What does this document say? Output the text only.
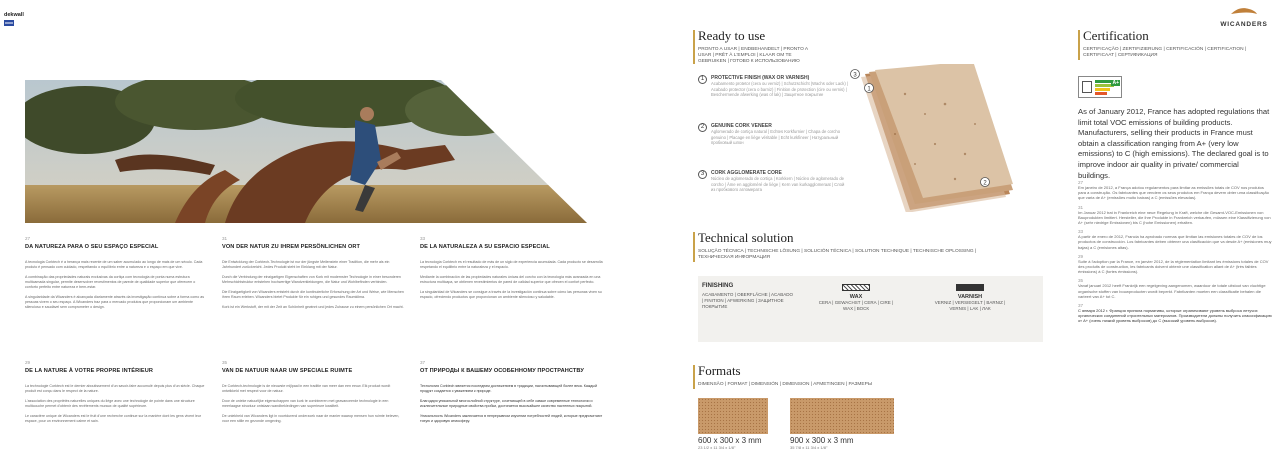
dekwall
27
DA NATUREZA PARA O SEU ESPAÇO ESPECIAL

A tecnologia Corktech é a herança mais recente de um saber acumulado ao longo de mais de um século. Cada produto é pensado com cuidado, respeitando o equilíbrio entre a natureza e o espaço em que vive.

A combinação das propriedades naturais exclusivas da cortiça com tecnologia de ponta numa estrutura multicamada singular, permite desenvolver revestimentos de parede de qualidade superior que oferecem o conforto perfeito entre natureza e bem-estar.

A singularidade da Wicanders é alcançada diariamente através da investigação contínua sobre a forma como as pessoas vivem o seu espaço. A Wicanders traz para o mercado produtos que proporcionam um ambiente silencioso e saudável sem comprometer o design.

31
VON DER NATUR ZU IHREM PERSÖNLICHEN ORT

Die Entwicklung der Corktech-Technologie ist nur der jüngste Meilenstein einer Tradition, die mehr als ein Jahrhundert zurückreicht. Jedes Produkt steht im Einklang mit der Natur.

Durch die Verbindung der einzigartigen Eigenschaften von Kork mit modernster Technologie in einer besonderen Mehrschichtstruktur entstehen hochwertige Wandverkleidungen, die Natur und Wohlbefinden verbinden.

Die Einzigartigkeit von Wicanders entsteht durch die kontinuierliche Erforschung der Art und Weise, wie Menschen ihren Raum erleben. Wicanders bietet Produkte für ein ruhiges und gesundes Raumklima.

Kork ist ein Werkstoff, der mit der Zeit an Schönheit gewinnt und jedes Zuhause zu einem persönlichen Ort macht.

33
DE LA NATURALEZA A SU ESPACIO ESPECIAL

La tecnología Corktech es el resultado de más de un siglo de experiencia acumulada. Cada producto se desarrolla respetando el equilibrio entre la naturaleza y el espacio.

Mediante la combinación de las propiedades naturales únicas del corcho con la tecnología más avanzada en una estructura multicapa, se obtienen revestimientos de pared de calidad superior que ofrecen el confort perfecto.

La singularidad de Wicanders se consigue a través de la investigación continua sobre cómo las personas viven su espacio, ofreciendo productos que proporcionan un ambiente silencioso y saludable.

29
DE LA NATURE À VOTRE PROPRE INTÉRIEUR

La technologie Corktech est le dernier aboutissement d'un savoir-faire accumulé depuis plus d'un siècle. Chaque produit est conçu dans le respect de la nature.

L'association des propriétés naturelles uniques du liège avec une technologie de pointe dans une structure multicouche permet d'obtenir des revêtements muraux de qualité supérieure.

Le caractère unique de Wicanders est le fruit d'une recherche continue sur la manière dont les gens vivent leur espace, pour un environnement calme et sain.

35
VAN DE NATUUR NAAR UW SPECIALE RUIMTE

De Corktech-technologie is de nieuwste mijlpaal in een traditie van meer dan een eeuw. Elk product wordt ontwikkeld met respect voor de natuur.

Door de unieke natuurlijke eigenschappen van kurk te combineren met geavanceerde technologie in een meerlaagse structuur ontstaan wandbekledingen van superieure kwaliteit.

De uniekheid van Wicanders ligt in voortdurend onderzoek naar de manier waarop mensen hun ruimte beleven, voor een stille en gezonde omgeving.

37
ОТ ПРИРОДЫ К ВАШЕМУ ОСОБЕННОМУ ПРОСТРАНСТВУ

Технология Corktech является последним достижением в традиции, насчитывающей более века. Каждый продукт создается с уважением к природе.

Благодаря уникальной многослойной структуре, сочетающей в себе самые современные технологии и исключительные природные свойства пробки, достигается высочайшее качество настенных покрытий.

Уникальность Wicanders заключается в непрерывном изучении потребностей людей, которые предпочитают тихую и здоровую атмосферу.

WICANDERS
Ready to use
PRONTO A USAR | ENDBEHANDELT | PRONTO A USAR | PRÊT À L'EMPLOI | KLAAR OM TE GEBRUIKEN | ГОТОВО К ИСПОЛЬЗОВАНИЮ
1	PROTECTIVE FINISH (WAX OR VARNISH)
Acabamento protetor (cera ou verniz) | Schutzschicht (Wachs oder Lack) | Acabado protector (cera o barniz) | Finition de protection (cire ou vernis) | Beschermende afwerking (was of lak) | Защитное покрытие
2	GENUINE CORK VENEER
Aglomerado de cortiça natural | Echtes Korkfurnier | Chapa de corcho genuino | Placage en liège véritable | Echt kurkfineer | Натуральный пробковый шпон
3	CORK AGGLOMERATE CORE
Núcleo de aglomerado de cortiça | Korkkern | Núcleo de aglomerado de corcho | Âme en aggloméré de liège | Kern van kurkagglomeraat | Слой из пробкового агломерата
3
1
2
Technical solution
SOLUÇÃO TÉCNICA | TECHNISCHE LÖSUNG | SOLUCIÓN TÉCNICA | SOLUTION TECHNIQUE | TECHNISCHE OPLOSSING | ТЕХНИЧЕСКАЯ ИНФОРМАЦИЯ
FINISHING
ACABAMENTO | OBERFLÄCHE | ACABADO | FINITION | AFWERKING | ЗАЩИТНОЕ ПОКРЫТИЕ
WAX
CERA | GEWACHST | CERA | CIRE | WAX | ВОСК
VARNISH
VERNIZ | VERSIEGELT | BARNIZ | VERNIS | LAK | ЛАК
Formats
DIMENSÃO | FORMAT | DIMENSIÓN | DIMENSION | AFMETINGEN | РАЗМЕРЫ
600 x 300 x 3 mm
23 1/2 x 11 3/4 x 1/8"
900 x 300 x 3 mm
35 7/8 x 11 3/4 x 1/8"
Certification
CERTIFICAÇÃO | ZERTIFIZIERUNG | CERTIFICACIÓN | CERTIFICATION | CERTIFICAAT | СЕРТИФИКАЦИЯ
A+
As of January 2012, France has adopted regulations that limit total VOC emissions of building products. Manufacturers, selling their products in France must obtain a classification ranging from A+ (very low emissions) to C (high emissions). The declared goal is to improve indoor air quality in private/ commercial buildings.
27
Em janeiro de 2012, a França adotou regulamentos para limitar as emissões totais de COV nos produtos para a construção. Os fabricantes que vendem os seus produtos em França devem obter uma classificação que varia de A+ (emissões muito baixas) a C (emissões elevadas).
31
Im Januar 2012 trat in Frankreich eine neue Regelung in Kraft, welche die Gesamt-VOC-Emissionen von Bauprodukten limitiert. Hersteller, die ihre Produkte in Frankreich verkaufen, müssen eine Klassifizierung von A+ (sehr niedrige Emissionen) bis C (hohe Emissionen) erhalten.
33
A partir de enero de 2012, Francia ha aprobado normas que limitan las emisiones totales de COV de los productos de construcción. Los fabricantes deben obtener una clasificación que va desde A+ (emisiones muy bajas) a C (emisiones altas).
29
Suite à l'adoption par la France, en janvier 2012, de la réglementation limitant les émissions totales de COV des produits de construction, les fabricants doivent obtenir une classification allant de A+ (très faibles émissions) à C (fortes émissions).
35
Vanaf januari 2012 heeft Frankrijk een regelgeving aangenomen, waardoor de totale uitstoot van vluchtige organische stoffen van bouwproducten wordt beperkt. Fabrikanten moeten een classificatie behalen die varieert van A+ tot C.
37
С января 2012 г. Франция приняла нормативы, которые ограничивают уровень выброса летучих органических соединений строительных материалов. Производители должны получить классификацию от A+ (очень низкий уровень выбросов) до C (высокий уровень выбросов).
